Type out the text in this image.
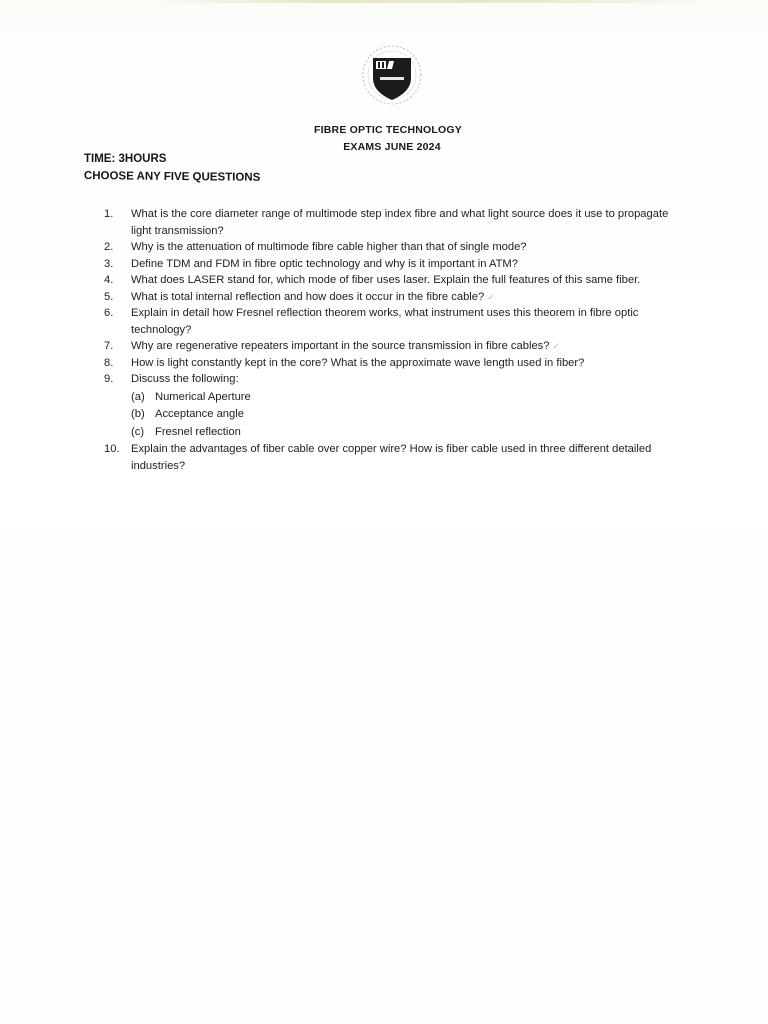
FIBRE OPTIC TECHNOLOGY
EXAMS JUNE 2024
TIME: 3HOURS
CHOOSE ANY FIVE QUESTIONS
1.	What is the core diameter range of multimode step index fibre and what light source does it use to propagate light transmission?
2.	Why is the attenuation of multimode fibre cable higher than that of single mode?
3.	Define TDM and FDM in fibre optic technology and why is it important in ATM?
4.	What does LASER stand for, which mode of fiber uses laser. Explain the full features of this same fiber.
5.	What is total internal reflection and how does it occur in the fibre cable? ✓
6.	Explain in detail how Fresnel reflection theorem works, what instrument uses this theorem in fibre optic technology?
7.	Why are regenerative repeaters important in the source transmission in fibre cables? ✓
8.	How is light constantly kept in the core? What is the approximate wave length used in fiber?
9.	Discuss the following:
(a) Numerical Aperture
(b) Acceptance angle
(c) Fresnel reflection
10.	Explain the advantages of fiber cable over copper wire? How is fiber cable used in three different detailed industries?
